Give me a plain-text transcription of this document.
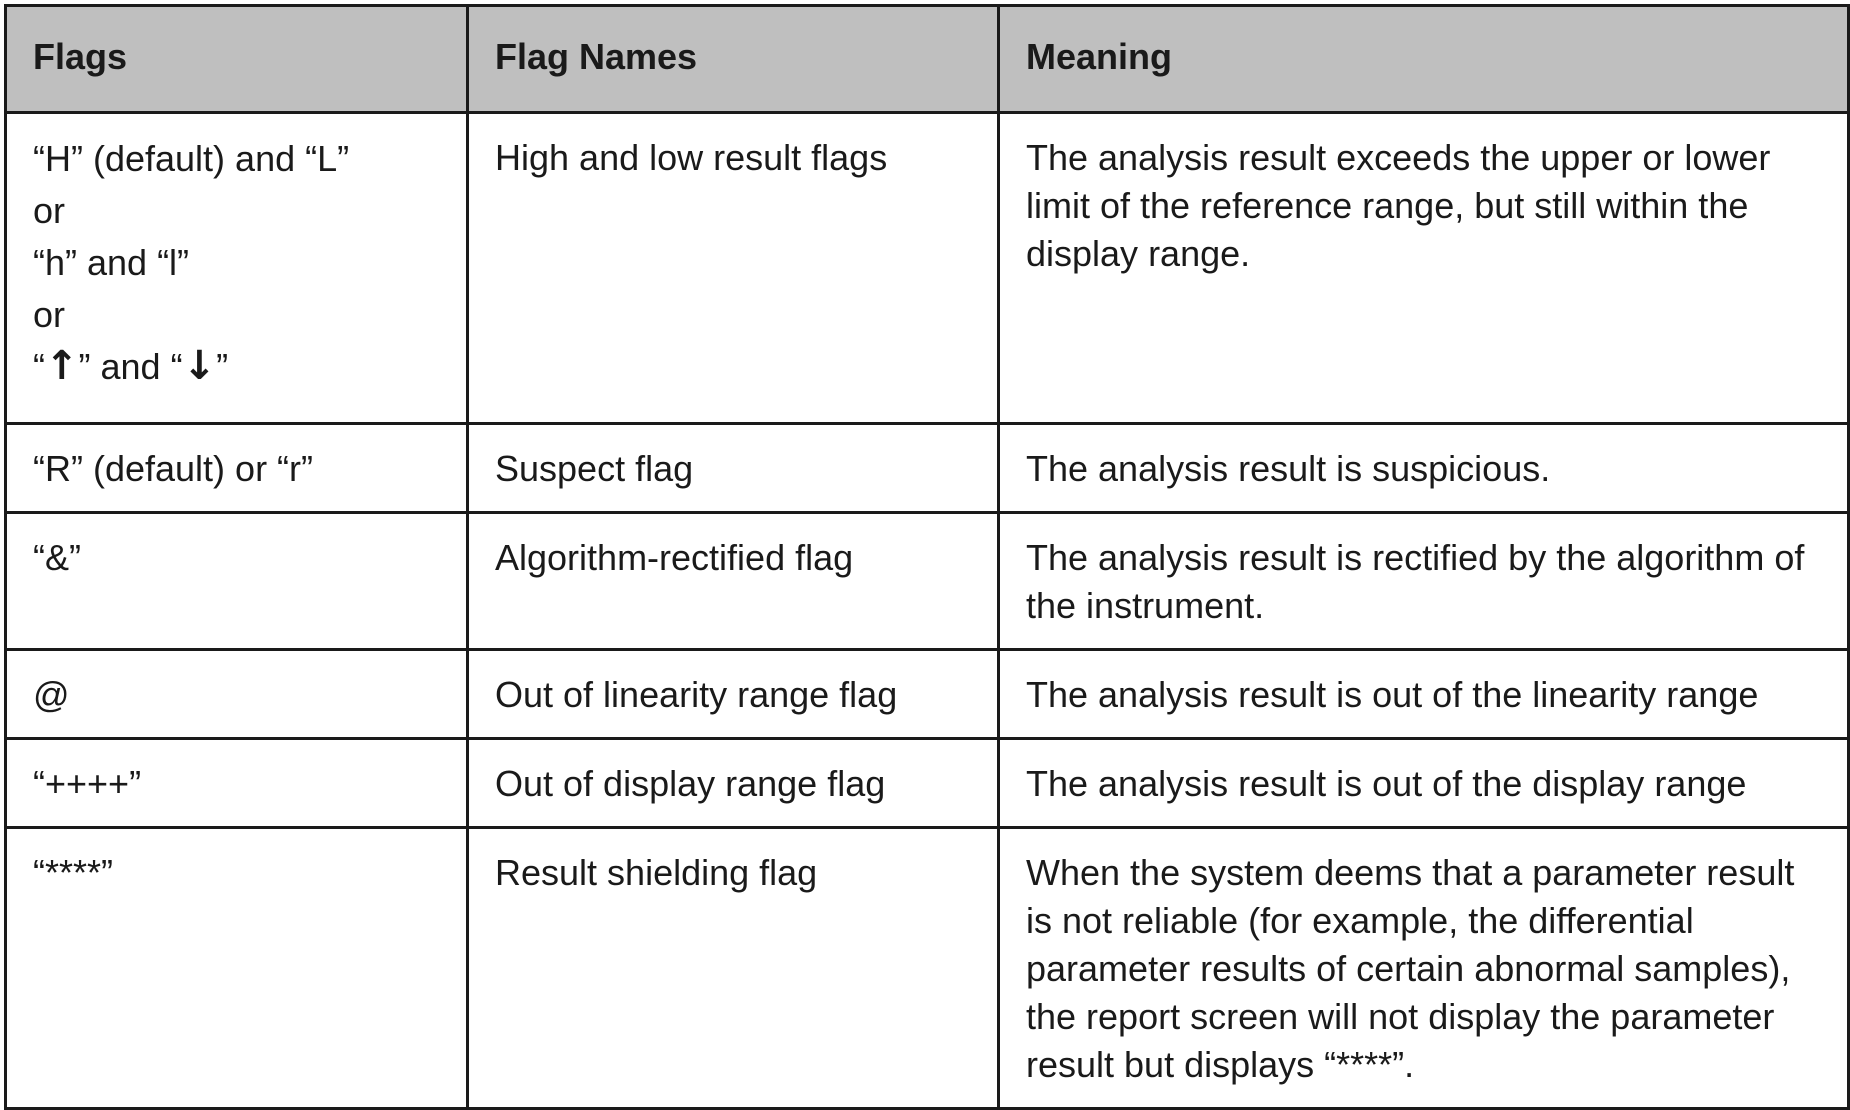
Flags	Flag Names	Meaning

“H” (default) and “L”
or
“h” and “l”
or
“↑” and “↓”	High and low result flags	The analysis result exceeds the upper or lower limit of the reference range, but still within the display range.
“R” (default) or “r”	Suspect flag	The analysis result is suspicious.
“&”	Algorithm-rectified flag	The analysis result is rectified by the algorithm of the instrument.
@	Out of linearity range flag	The analysis result is out of the linearity range
“++++”	Out of display range flag	The analysis result is out of the display range
“****”	Result shielding flag	When the system deems that a parameter result is not reliable (for example, the differential parameter results of certain abnormal samples), the report screen will not display the parameter result but displays “****”.
